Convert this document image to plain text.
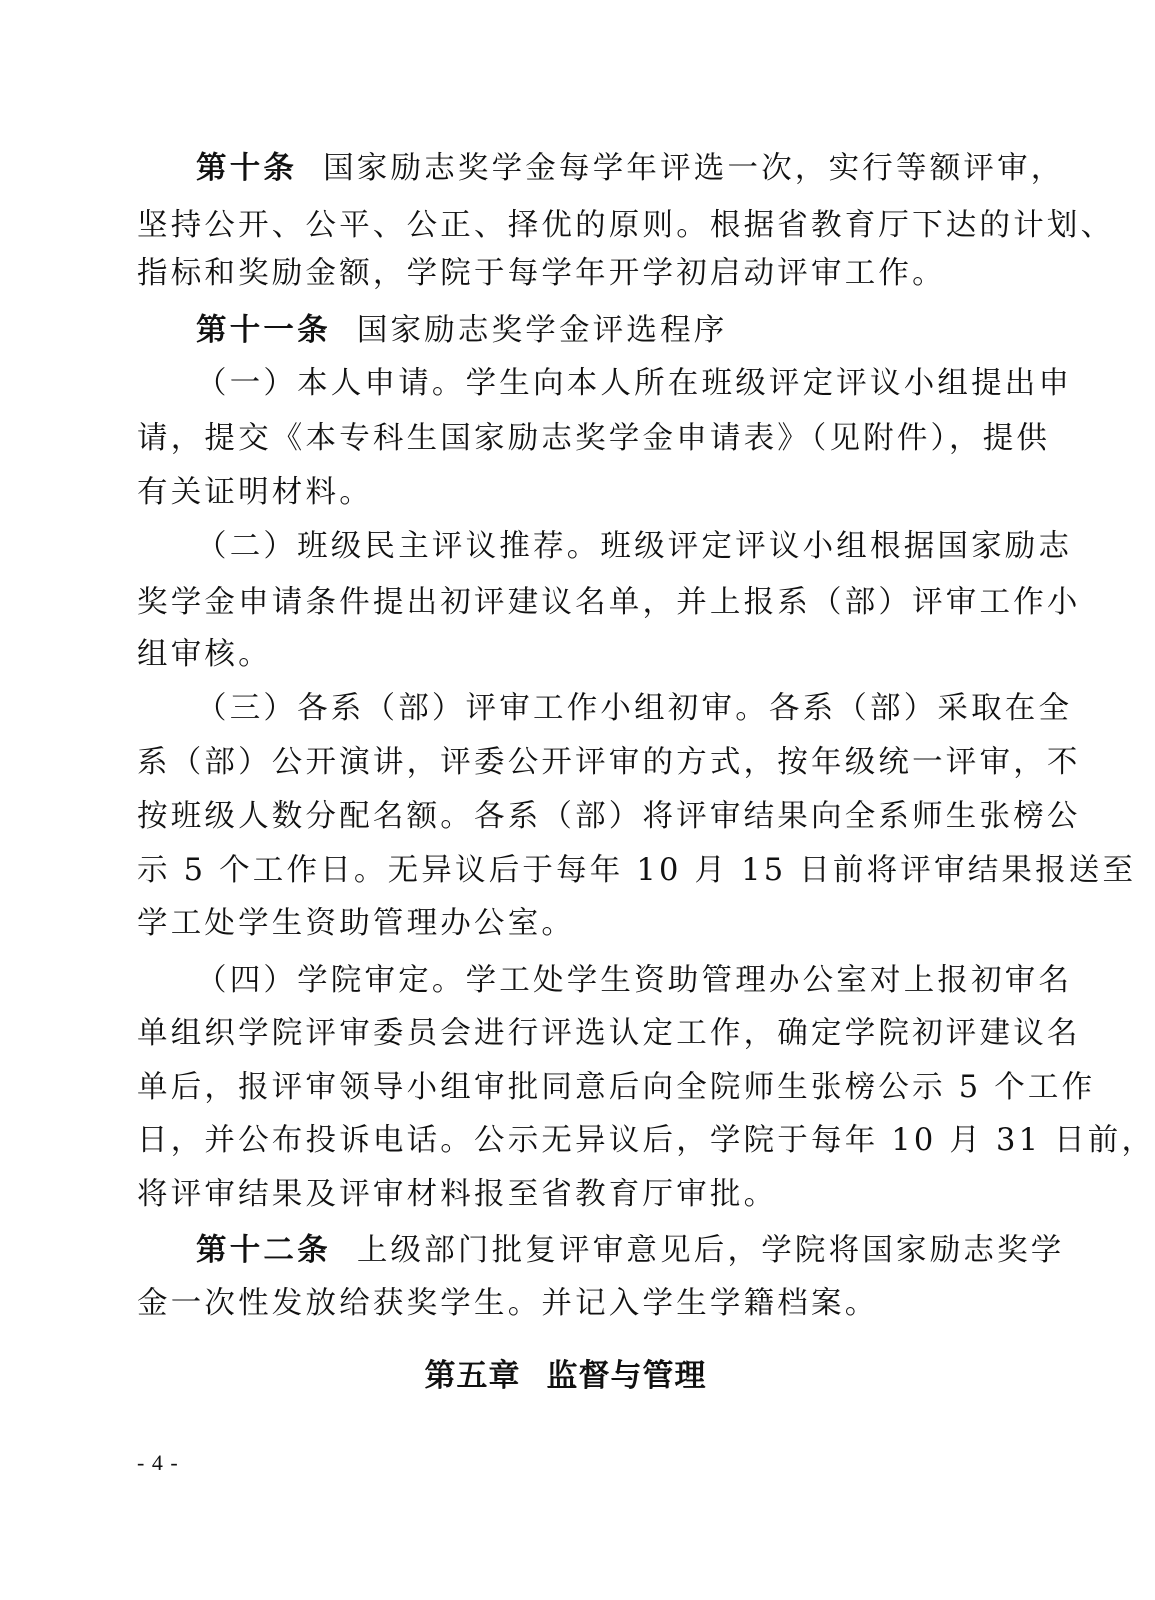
第十条 国家励志奖学金每学年评选一次，实行等额评审，
坚持公开、公平、公正、择优的原则。根据省教育厅下达的计划、
指标和奖励金额，学院于每学年开学初启动评审工作。
第十一条 国家励志奖学金评选程序
（一）本人申请。学生向本人所在班级评定评议小组提出申
请，提交《本专科生国家励志奖学金申请表》（见附件），提供
有关证明材料。
（二）班级民主评议推荐。班级评定评议小组根据国家励志
奖学金申请条件提出初评建议名单，并上报系（部）评审工作小
组审核。
（三）各系（部）评审工作小组初审。各系（部）采取在全
系（部）公开演讲，评委公开评审的方式，按年级统一评审，不
按班级人数分配名额。各系（部）将评审结果向全系师生张榜公
示 5 个工作日。无异议后于每年 10 月 15 日前将评审结果报送至
学工处学生资助管理办公室。
（四）学院审定。学工处学生资助管理办公室对上报初审名
单组织学院评审委员会进行评选认定工作，确定学院初评建议名
单后，报评审领导小组审批同意后向全院师生张榜公示 5 个工作
日，并公布投诉电话。公示无异议后，学院于每年 10 月 31 日前，
将评审结果及评审材料报至省教育厅审批。
第十二条 上级部门批复评审意见后，学院将国家励志奖学
金一次性发放给获奖学生。并记入学生学籍档案。
第五章 监督与管理
- 4 -
